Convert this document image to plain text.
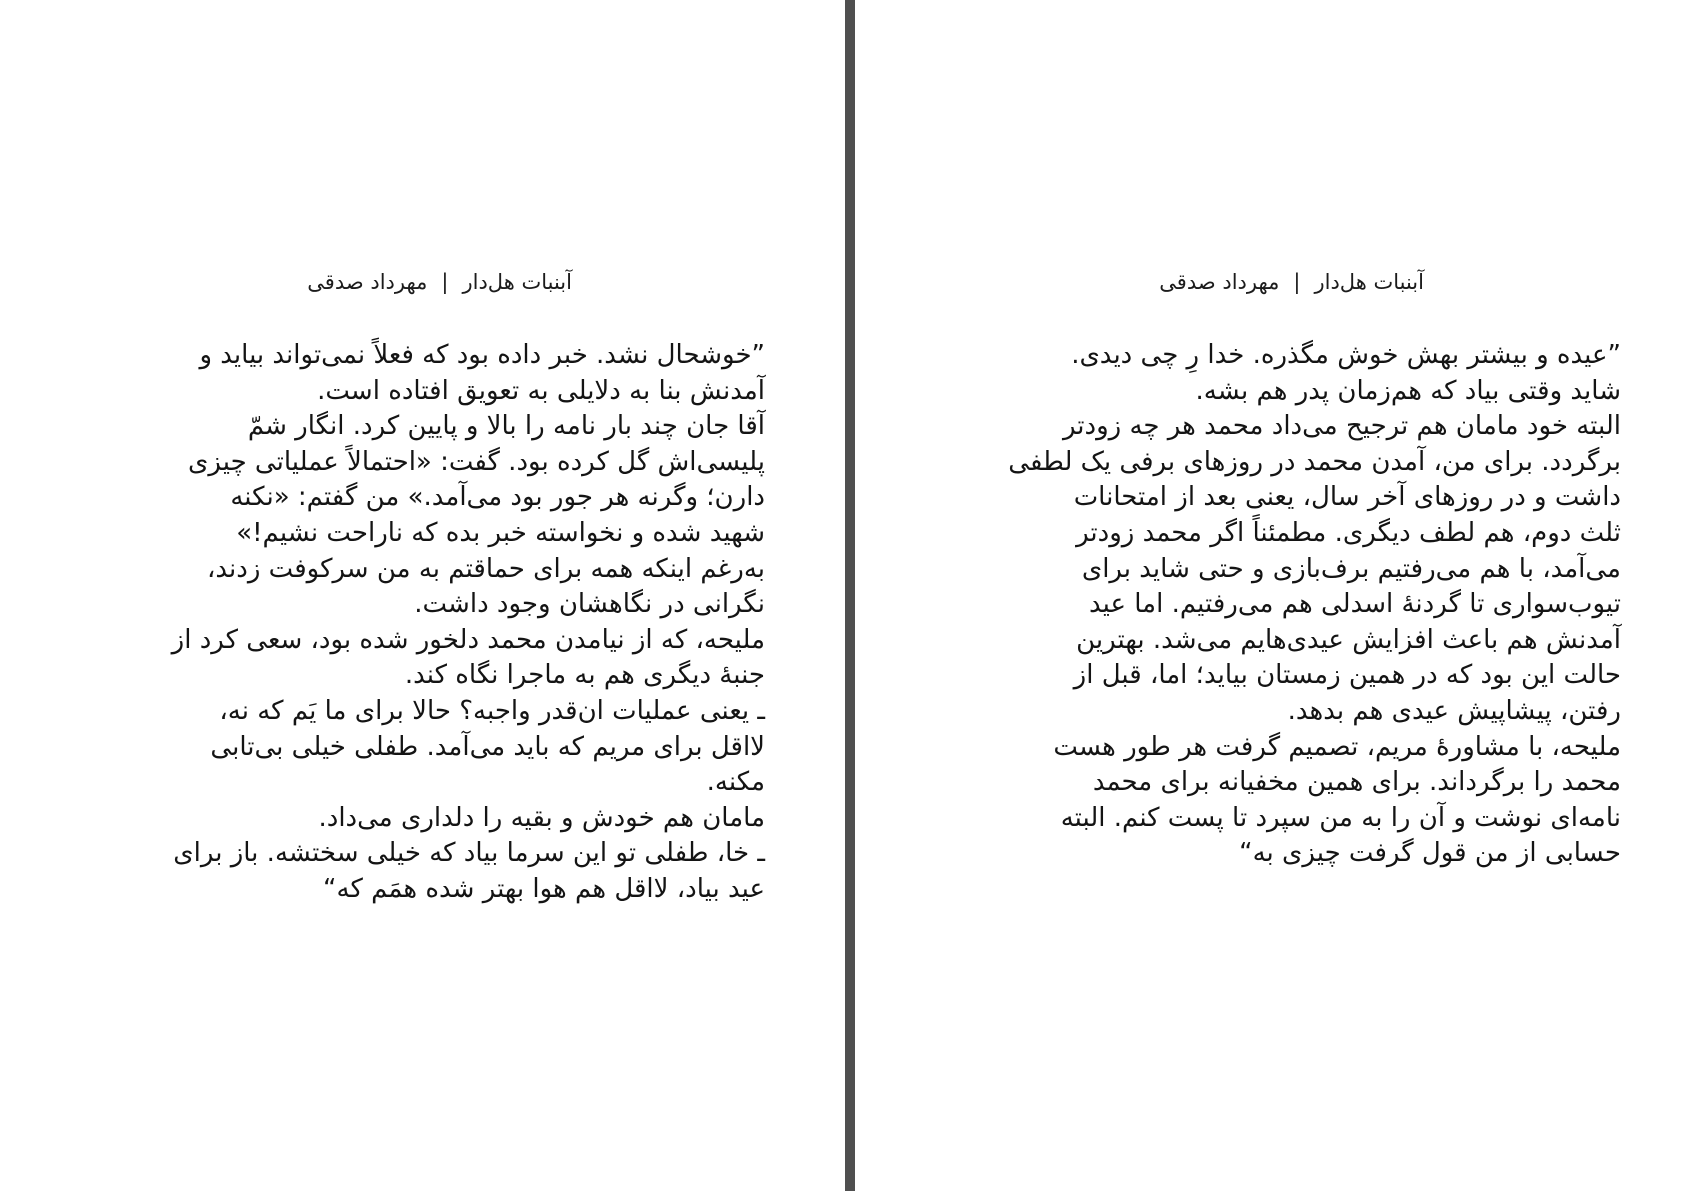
آبنبات هل‌دار|مهرداد صدقی
”خوشحال نشد. خبر داده بود که فعلاً نمی‌تواند بیاید و
آمدنش بنا به دلایلی به تعویق افتاده است.
آقا جان چند بار نامه را بالا و پایین کرد. انگار شمّ
پلیسی‌اش گل کرده بود. گفت: «احتمالاً عملیاتی چیزی
دارن؛ وگرنه هر جور بود می‌آمد.» من گفتم: «نکنه
شهید شده و نخواسته خبر بده که ناراحت نشیم!»
به‌رغم اینکه همه برای حماقتم به من سرکوفت زدند،
نگرانی در نگاهشان وجود داشت.
ملیحه، که از نیامدن محمد دلخور شده بود، سعی کرد از
جنبهٔ دیگری هم به ماجرا نگاه کند.
ـ یعنی عملیات ان‌قدر واجبه؟ حالا برای ما یَم که نه،
لااقل برای مریم که باید می‌آمد. طفلی خیلی بی‌تابی
مکنه.
مامان هم خودش و بقیه را دلداری می‌داد.
ـ خا، طفلی تو این سرما بیاد که خیلی سختشه. باز برای
عید بیاد، لااقل هم هوا بهتر شده همَم که“
آبنبات هل‌دار|مهرداد صدقی
”عیده و بیشتر بهش خوش مگذره. خدا رِ چی دیدی.
شاید وقتی بیاد که هم‌زمان پدر هم بشه.
البته خود مامان هم ترجیح می‌داد محمد هر چه زودتر
برگردد. برای من، آمدن محمد در روزهای برفی یک لطفی
داشت و در روزهای آخر سال، یعنی بعد از امتحانات
ثلث دوم، هم لطف دیگری. مطمئناً اگر محمد زودتر
می‌آمد، با هم می‌رفتیم برف‌بازی و حتی شاید برای
تیوب‌سواری تا گردنهٔ اسدلی هم می‌رفتیم. اما عید
آمدنش هم باعث افزایش عیدی‌هایم می‌شد. بهترین
حالت این بود که در همین زمستان بیاید؛ اما، قبل از
رفتن، پیشاپیش عیدی هم بدهد.
ملیحه، با مشاورهٔ مریم، تصمیم گرفت هر طور هست
محمد را برگرداند. برای همین مخفیانه برای محمد
نامه‌ای نوشت و آن را به من سپرد تا پست کنم. البته
حسابی از من قول گرفت چیزی به“
